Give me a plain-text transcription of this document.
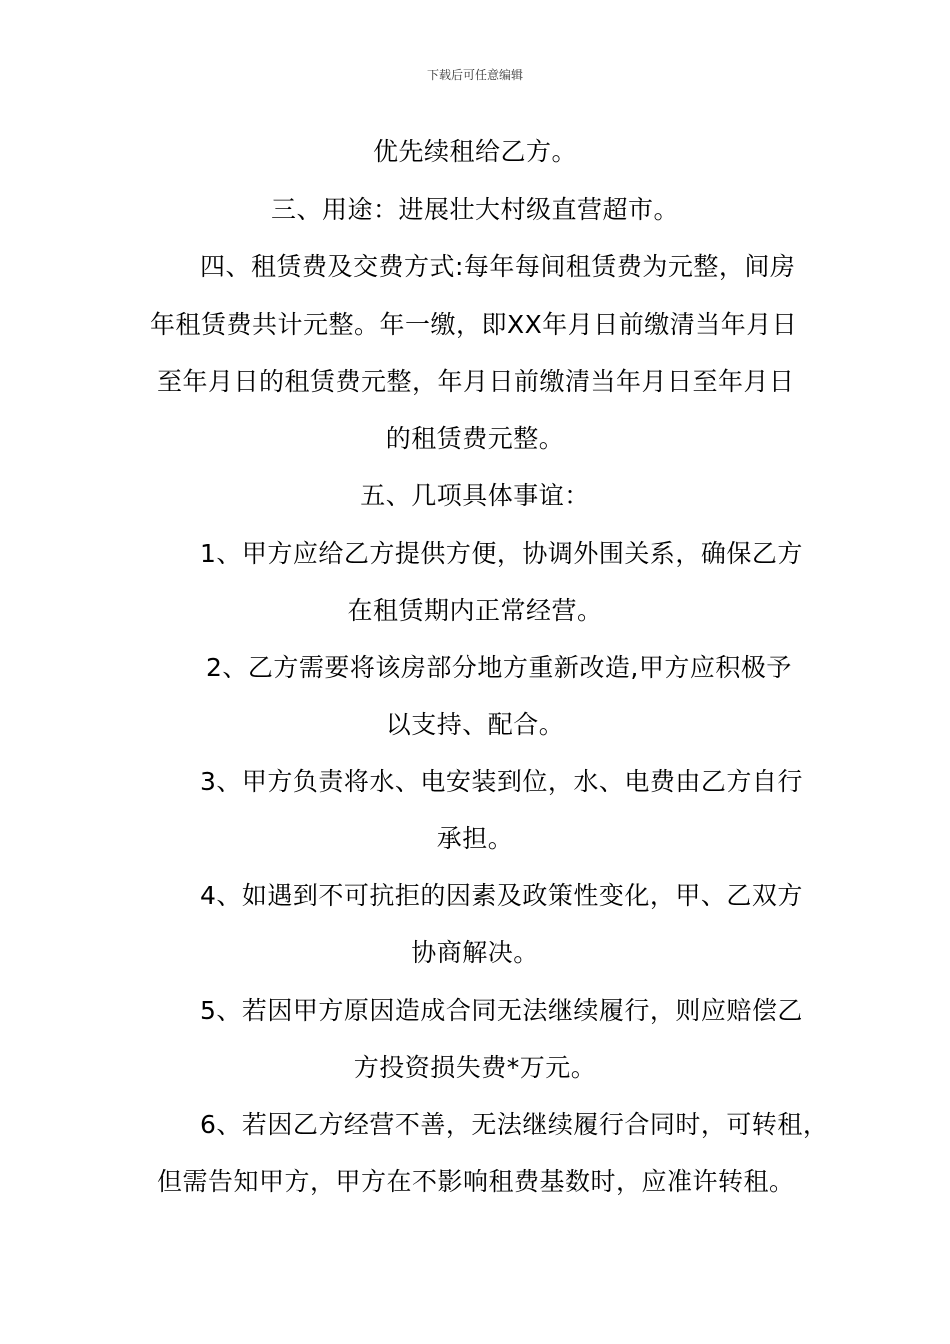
下载后可任意编辑
优先续租给乙方。
三、用途：进展壮大村级直营超市。
四、租赁费及交费方式:每年每间租赁费为元整，间房
年租赁费共计元整。年一缴，即XX年月日前缴清当年月日
至年月日的租赁费元整，年月日前缴清当年月日至年月日
的租赁费元整。
五、几项具体事谊：
1、甲方应给乙方提供方便，协调外围关系，确保乙方
在租赁期内正常经营。
2、乙方需要将该房部分地方重新改造,甲方应积极予
以支持、配合。
3、甲方负责将水、电安装到位，水、电费由乙方自行
承担。
4、如遇到不可抗拒的因素及政策性变化，甲、乙双方
协商解决。
5、若因甲方原因造成合同无法继续履行，则应赔偿乙
方投资损失费*万元。
6、若因乙方经营不善，无法继续履行合同时，可转租，
但需告知甲方，甲方在不影响租费基数时，应准许转租。
